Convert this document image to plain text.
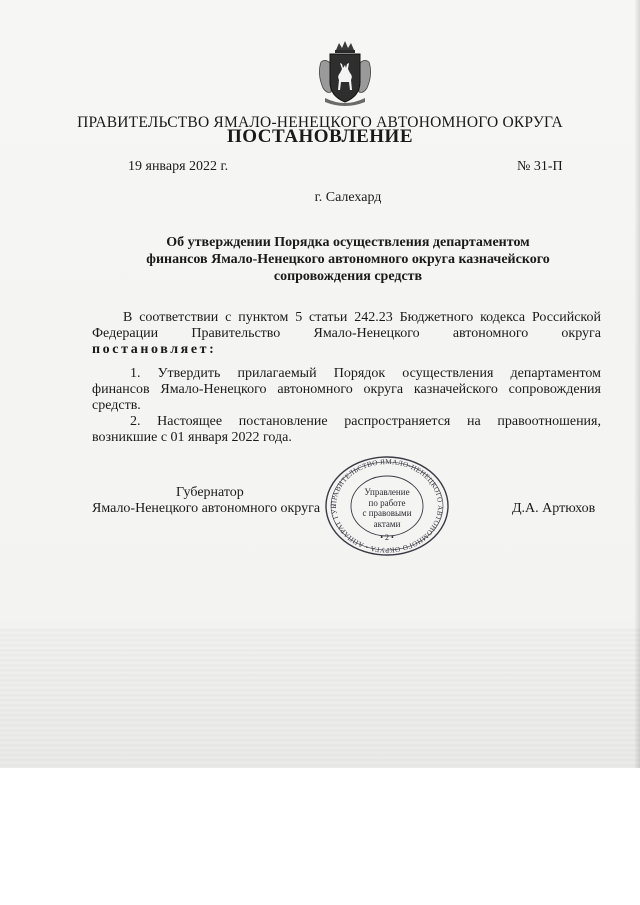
ПРАВИТЕЛЬСТВО ЯМАЛО-НЕНЕЦКОГО АВТОНОМНОГО ОКРУГА
ПОСТАНОВЛЕНИЕ
19 января 2022 г.	№ 31-П
г. Салехард
Об утверждении Порядка осуществления департаментом
финансов Ямало-Ненецкого автономного округа казначейского
сопровождения средств
В соответствии с пунктом 5 статьи 242.23 Бюджетного кодекса Российской
Федерации Правительство Ямало-Ненецкого автономного округа
постановляет:
1. Утвердить прилагаемый Порядок осуществления департаментом
финансов Ямало-Ненецкого автономного округа казначейского сопровождения
средств.
2. Настоящее постановление распространяется на правоотношения,
возникшие с 01 января 2022 года.
Губернатор
Ямало-Ненецкого автономного округа	Д.А. Артюхов
ПРАВИТЕЛЬСТВО ЯМАЛО-НЕНЕЦКОГО АВТОНОМНОГО ОКРУГА • АППАРАТ ГУБ
Управление
по работе
с правовыми
актами
• 2 •
